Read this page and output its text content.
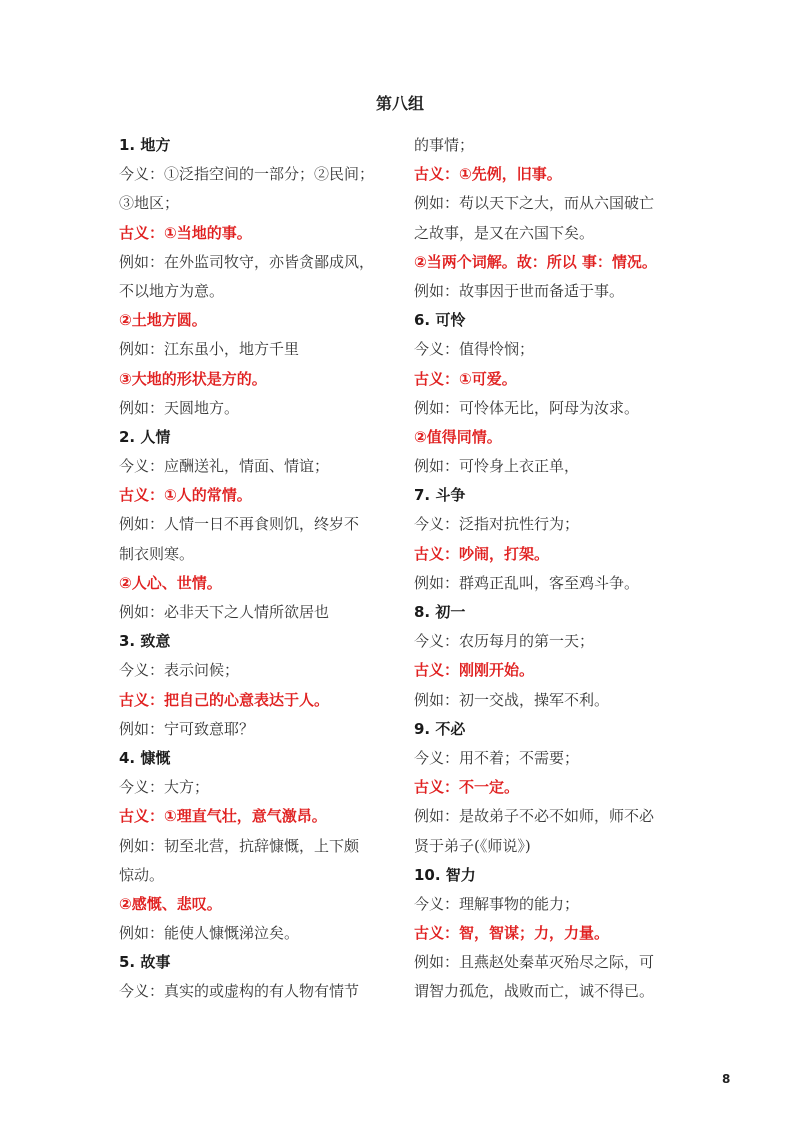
第八组
1. 地方
今义：①泛指空间的一部分；②民间；
③地区；
古义：①当地的事。
例如：在外监司牧守，亦皆贪鄙成风，
不以地方为意。
②土地方圆。
例如：江东虽小，地方千里
③大地的形状是方的。
例如：天圆地方。
2. 人情
今义：应酬送礼，情面、情谊；
古义：①人的常情。
例如：人情一日不再食则饥，终岁不
制衣则寒。
②人心、世情。
例如：必非天下之人情所欲居也
3. 致意
今义：表示问候；
古义：把自己的心意表达于人。
例如：宁可致意耶？
4. 慷慨
今义：大方；
古义：①理直气壮，意气激昂。
例如：韧至北营，抗辞慷慨，上下颇
惊动。
②感慨、悲叹。
例如：能使人慷慨涕泣矣。
5. 故事
今义：真实的或虚构的有人物有情节
的事情；
古义：①先例，旧事。
例如：苟以天下之大，而从六国破亡
之故事，是又在六国下矣。
②当两个词解。故：所以 事：情况。
例如：故事因于世而备适于事。
6. 可怜
今义：值得怜悯；
古义：①可爱。
例如：可怜体无比，阿母为汝求。
②值得同情。
例如：可怜身上衣正单，
7. 斗争
今义：泛指对抗性行为；
古义：吵闹，打架。
例如：群鸡正乱叫，客至鸡斗争。
8. 初一
今义：农历每月的第一天；
古义：刚刚开始。
例如：初一交战，操军不利。
9. 不必
今义：用不着；不需要；
古义：不一定。
例如：是故弟子不必不如师，师不必
贤于弟子(《师说》)
10. 智力
今义：理解事物的能力；
古义：智，智谋；力，力量。
例如：且燕赵处秦革灭殆尽之际，可
谓智力孤危，战败而亡，诚不得已。
8
